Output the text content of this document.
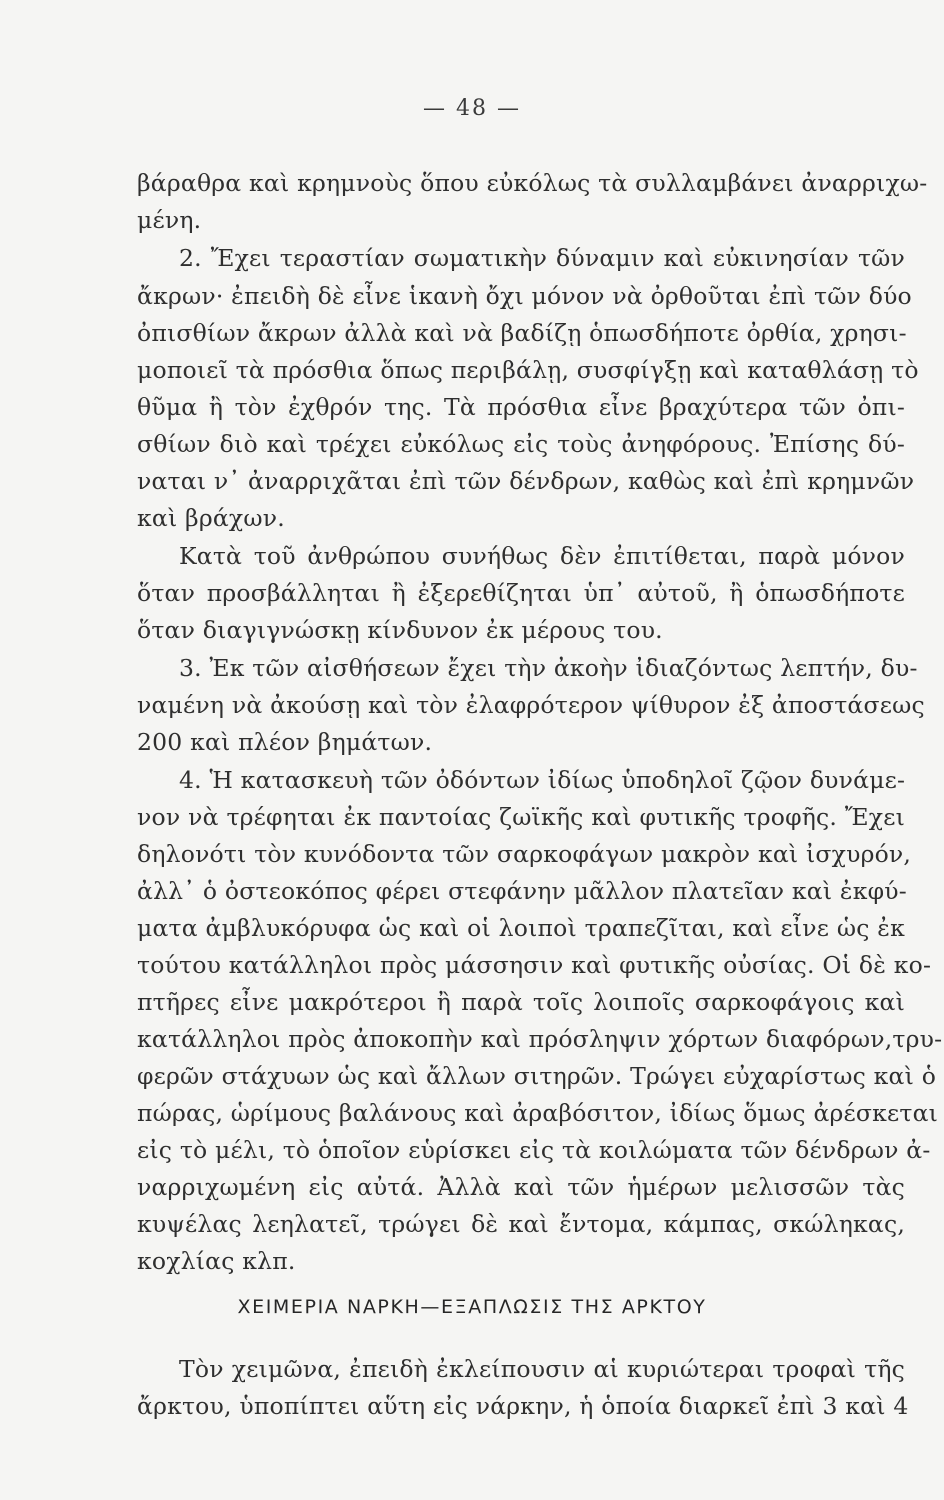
— 48 —
βάραθρα καὶ κρημνοὺς ὅπου εὐκόλως τὰ συλλαμβάνει ἀναρριχω-
μένη.
2. Ἔχει τεραστίαν σωματικὴν δύναμιν καὶ εὐκινησίαν τῶν
ἄκρων· ἐπειδὴ δὲ εἶνε ἱκανὴ ὄχι μόνον νὰ ὀρθοῦται ἐπὶ τῶν δύο
ὀπισθίων ἄκρων ἀλλὰ καὶ νὰ βαδίζῃ ὁπωσδήποτε ὀρθία, χρησι-
μοποιεῖ τὰ πρόσθια ὅπως περιβάλῃ, συσφίγξῃ καὶ καταθλάσῃ τὸ
θῦμα ἢ τὸν ἐχθρόν της. Τὰ πρόσθια εἶνε βραχύτερα τῶν ὀπι-
σθίων διὸ καὶ τρέχει εὐκόλως εἰς τοὺς ἀνηφόρους. Ἐπίσης δύ-
ναται ν᾽ ἀναρριχᾶται ἐπὶ τῶν δένδρων, καθὼς καὶ ἐπὶ κρημνῶν
καὶ βράχων.
Κατὰ τοῦ ἀνθρώπου συνήθως δὲν ἐπιτίθεται, παρὰ μόνον
ὅταν προσβάλληται ἢ ἐξερεθίζηται ὑπ᾽ αὐτοῦ, ἢ ὁπωσδήποτε
ὅταν διαγιγνώσκῃ κίνδυνον ἐκ μέρους του.
3. Ἐκ τῶν αἰσθήσεων ἔχει τὴν ἀκοὴν ἰδιαζόντως λεπτήν, δυ-
ναμένη νὰ ἀκούσῃ καὶ τὸν ἐλαφρότερον ψίθυρον ἐξ ἀποστάσεως
200 καὶ πλέον βημάτων.
4. Ἡ κατασκευὴ τῶν ὀδόντων ἰδίως ὑποδηλοῖ ζῷον δυνάμε-
νον νὰ τρέφηται ἐκ παντοίας ζωϊκῆς καὶ φυτικῆς τροφῆς. Ἔχει
δηλονότι τὸν κυνόδοντα τῶν σαρκοφάγων μακρὸν καὶ ἰσχυρόν,
ἀλλ᾽ ὁ ὀστεοκόπος φέρει στεφάνην μᾶλλον πλατεῖαν καὶ ἐκφύ-
ματα ἀμβλυκόρυφα ὡς καὶ οἱ λοιποὶ τραπεζῖται, καὶ εἶνε ὡς ἐκ
τούτου κατάλληλοι πρὸς μάσσησιν καὶ φυτικῆς οὐσίας. Οἱ δὲ κο-
πτῆρες εἶνε μακρότεροι ἢ παρὰ τοῖς λοιποῖς σαρκοφάγοις καὶ
κατάλληλοι πρὸς ἀποκοπὴν καὶ πρόσληψιν χόρτων διαφόρων,τρυ-
φερῶν στάχυων ὡς καὶ ἄλλων σιτηρῶν. Τρώγει εὐχαρίστως καὶ ὁ
πώρας, ὡρίμους βαλάνους καὶ ἀραβόσιτον, ἰδίως ὅμως ἀρέσκεται
εἰς τὸ μέλι, τὸ ὁποῖον εὑρίσκει εἰς τὰ κοιλώματα τῶν δένδρων ἀ-
ναρριχωμένη εἰς αὐτά. Ἀλλὰ καὶ τῶν ἡμέρων μελισσῶν τὰς
κυψέλας λεηλατεῖ, τρώγει δὲ καὶ ἔντομα, κάμπας, σκώληκας,
κοχλίας κλπ.
ΧΕΙΜΕΡΙΑ ΝΑΡΚΗ—ΕΞΑΠΛΩΣΙΣ ΤΗΣ ΑΡΚΤΟΥ
Τὸν χειμῶνα, ἐπειδὴ ἐκλείπουσιν αἱ κυριώτεραι τροφαὶ τῆς
ἄρκτου, ὑποπίπτει αὕτη εἰς νάρκην, ἡ ὁποία διαρκεῖ ἐπὶ 3 καὶ 4
